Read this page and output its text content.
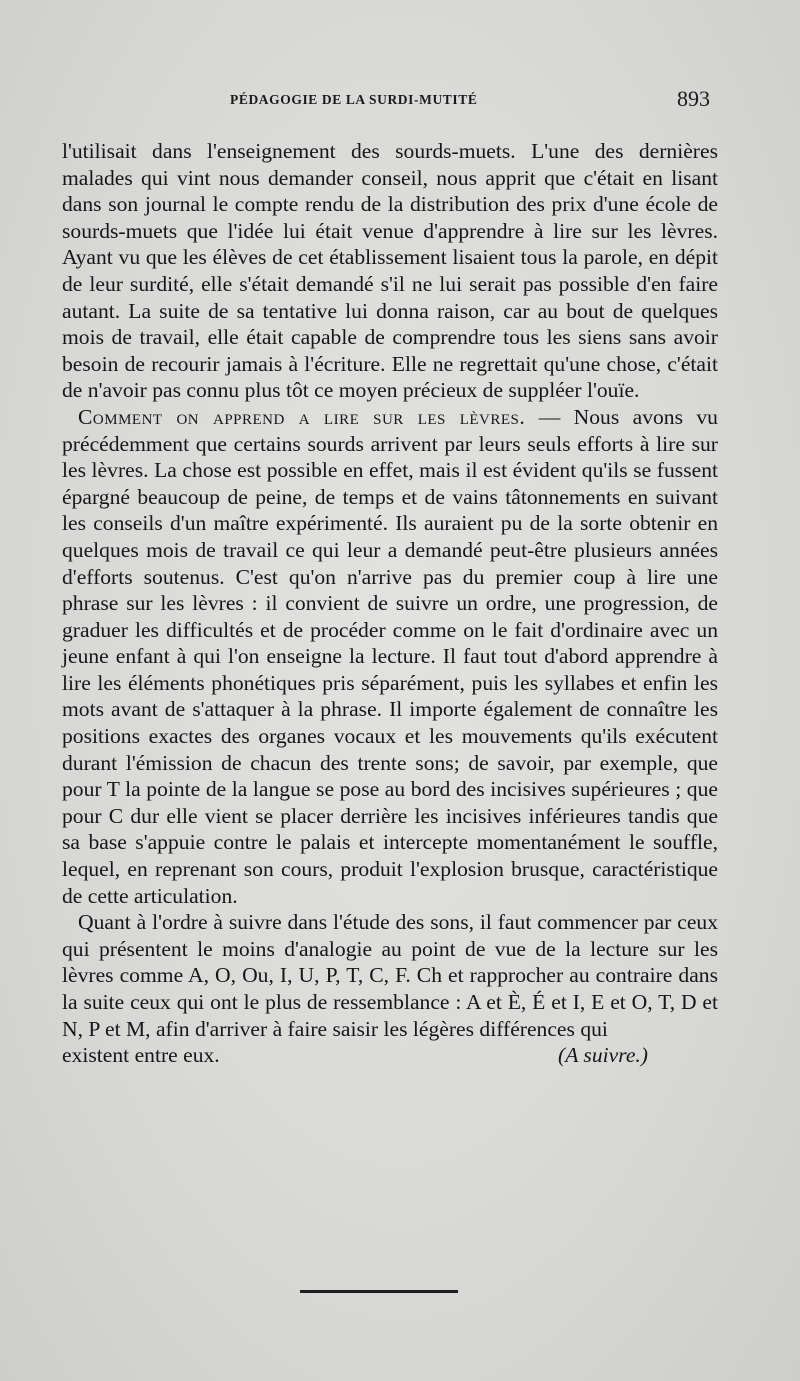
PÉDAGOGIE DE LA SURDI-MUTITÉ	893

l'utilisait dans l'enseignement des sourds-muets. L'une des dernières malades qui vint nous demander conseil, nous apprit que c'était en lisant dans son journal le compte rendu de la distribution des prix d'une école de sourds-muets que l'idée lui était venue d'apprendre à lire sur les lèvres. Ayant vu que les élèves de cet établissement lisaient tous la parole, en dépit de leur surdité, elle s'était demandé s'il ne lui serait pas possible d'en faire autant. La suite de sa tentative lui donna raison, car au bout de quelques mois de travail, elle était capable de comprendre tous les siens sans avoir besoin de recourir jamais à l'écriture. Elle ne regrettait qu'une chose, c'était de n'avoir pas connu plus tôt ce moyen précieux de suppléer l'ouïe.

Comment on apprend a lire sur les lèvres. — Nous avons vu précédemment que certains sourds arrivent par leurs seuls efforts à lire sur les lèvres. La chose est possible en effet, mais il est évident qu'ils se fussent épargné beaucoup de peine, de temps et de vains tâtonnements en suivant les conseils d'un maître expérimenté. Ils auraient pu de la sorte obtenir en quelques mois de travail ce qui leur a demandé peut-être plusieurs années d'efforts soutenus. C'est qu'on n'arrive pas du premier coup à lire une phrase sur les lèvres : il convient de suivre un ordre, une progression, de graduer les difficultés et de procéder comme on le fait d'ordinaire avec un jeune enfant à qui l'on enseigne la lecture. Il faut tout d'abord apprendre à lire les éléments phonétiques pris séparément, puis les syllabes et enfin les mots avant de s'attaquer à la phrase. Il importe également de connaître les positions exactes des organes vocaux et les mouvements qu'ils exécutent durant l'émission de chacun des trente sons; de savoir, par exemple, que pour T la pointe de la langue se pose au bord des incisives supérieures ; que pour C dur elle vient se placer derrière les incisives inférieures tandis que sa base s'appuie contre le palais et intercepte momentanément le souffle, lequel, en reprenant son cours, produit l'explosion brusque, caractéristique de cette articulation.

Quant à l'ordre à suivre dans l'étude des sons, il faut commencer par ceux qui présentent le moins d'analogie au point de vue de la lecture sur les lèvres comme A, O, Ou, I, U, P, T, C, F. Ch et rapprocher au contraire dans la suite ceux qui ont le plus de ressemblance : A et È, É et I, E et O, T, D et N, P et M, afin d'arriver à faire saisir les légères différences qui

existent entre eux.	(A suivre.)
